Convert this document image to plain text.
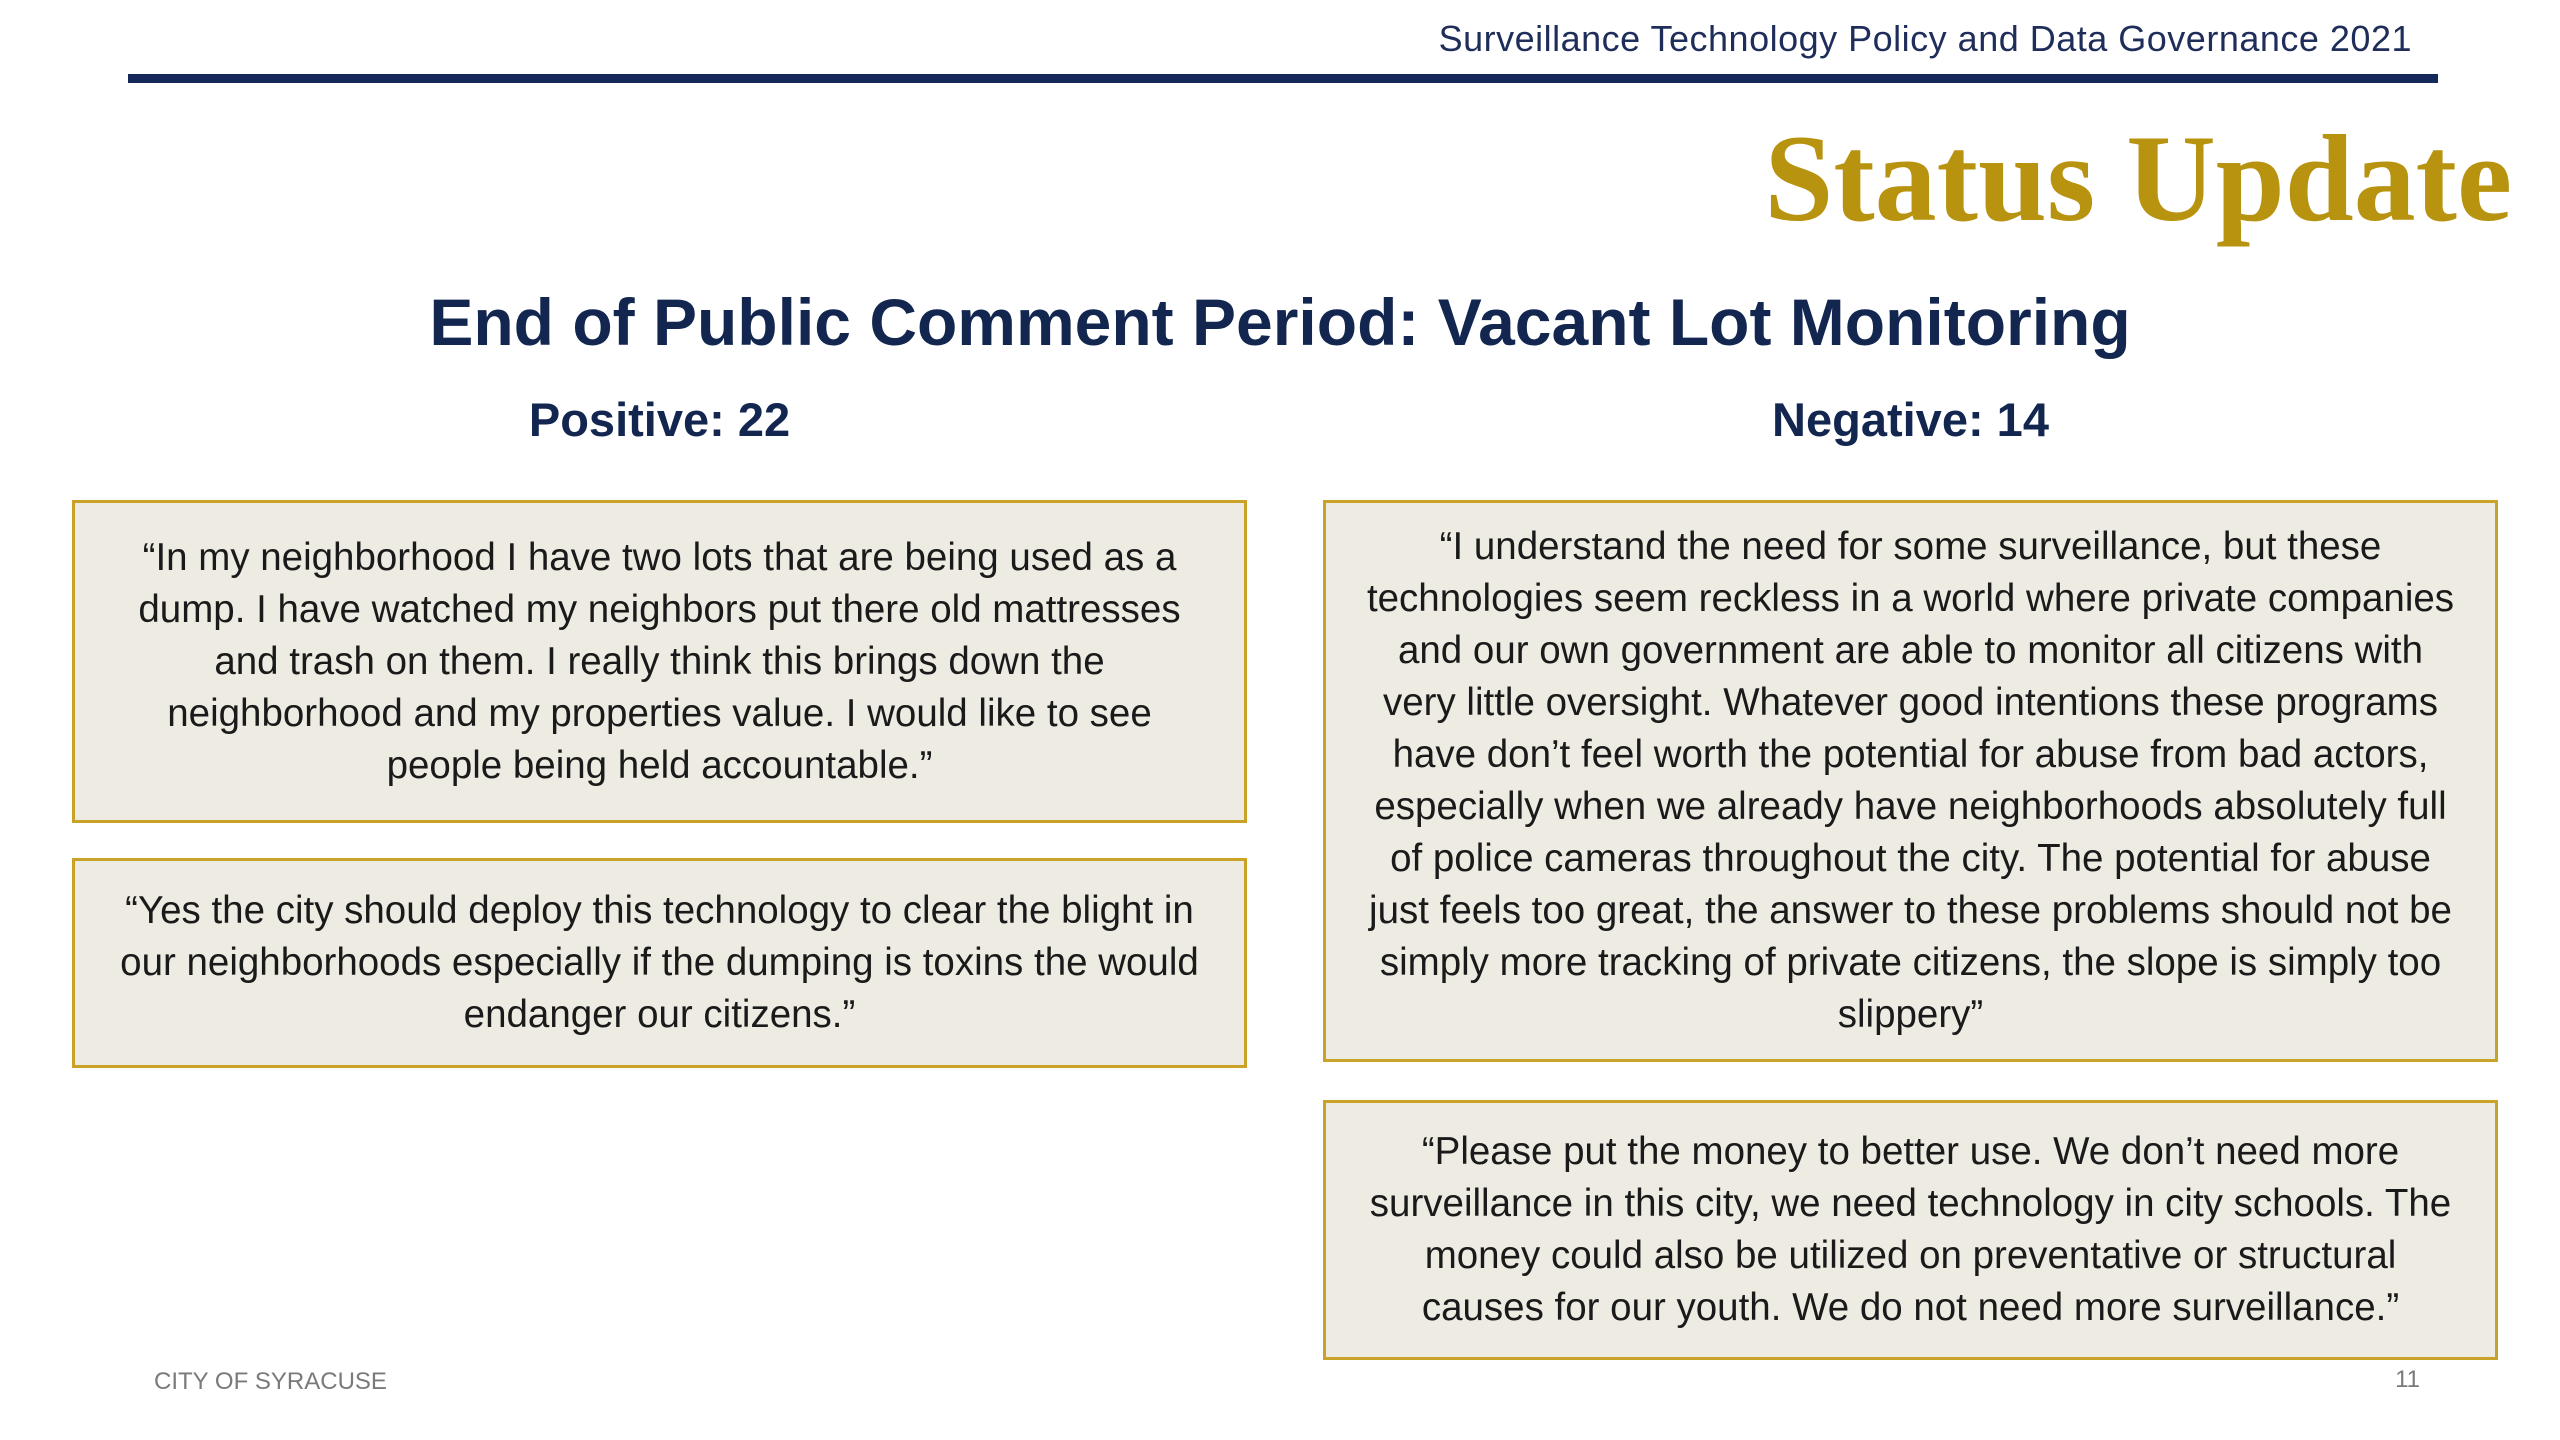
Surveillance Technology Policy and Data Governance 2021
Status Update
End of Public Comment Period: Vacant Lot Monitoring
Positive: 22	Negative: 14
“In my neighborhood I have two lots that are being used as a dump. I have watched my neighbors put there old mattresses and trash on them. I really think this brings down the neighborhood and my properties value. I would like to see people being held accountable.”
“Yes the city should deploy this technology to clear the blight in our neighborhoods especially if the dumping is toxins the would endanger our citizens.”
“I understand the need for some surveillance, but these technologies seem reckless in a world where private companies and our own government are able to monitor all citizens with very little oversight. Whatever good intentions these programs have don’t feel worth the potential for abuse from bad actors, especially when we already have neighborhoods absolutely full of police cameras throughout the city. The potential for abuse just feels too great, the answer to these problems should not be simply more tracking of private citizens, the slope is simply too slippery”
“Please put the money to better use. We don’t need more surveillance in this city, we need technology in city schools. The money could also be utilized on preventative or structural causes for our youth. We do not need more surveillance.”
CITY OF SYRACUSE	11
